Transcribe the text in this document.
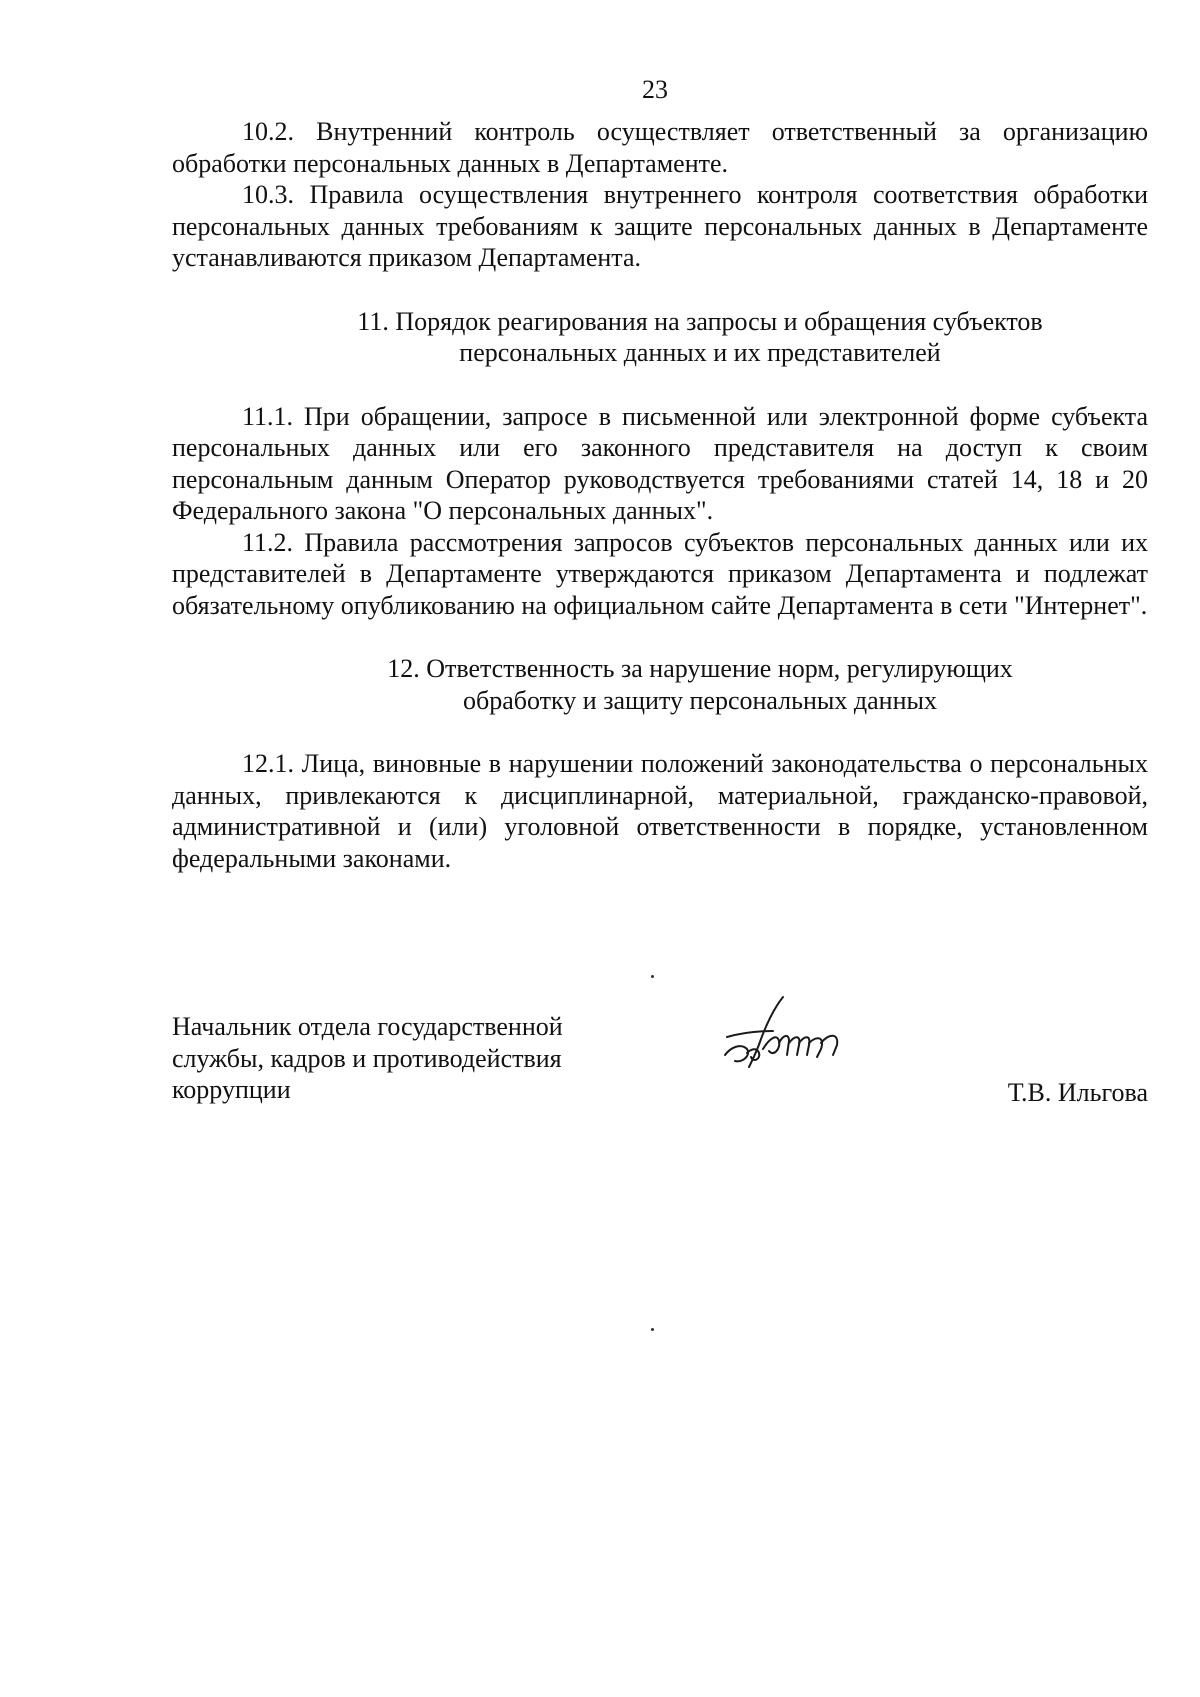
23

10.2. Внутренний контроль осуществляет ответственный за организацию обработки персональных данных в Департаменте.

10.3. Правила осуществления внутреннего контроля соответствия обработки персональных данных требованиям к защите персональных данных в Департаменте устанавливаются приказом Департамента.

11. Порядок реагирования на запросы и обращения субъектов
персональных данных и их представителей

11.1. При обращении, запросе в письменной или электронной форме субъекта персональных данных или его законного представителя на доступ к своим персональным данным Оператор руководствуется требованиями статей 14, 18 и 20 Федерального закона "О персональных данных".

11.2. Правила рассмотрения запросов субъектов персональных данных или их представителей в Департаменте утверждаются приказом Департамента и подлежат обязательному опубликованию на официальном сайте Департамента в сети "Интернет".

12. Ответственность за нарушение норм, регулирующих
обработку и защиту персональных данных

12.1. Лица, виновные в нарушении положений законодательства о персональных данных, привлекаются к дисциплинарной, материальной, гражданско-правовой, административной и (или) уголовной ответственности в порядке, установленном федеральными законами.

Начальник отдела государственной
службы, кадров и противодействия
коррупции	Т.В. Ильгова
